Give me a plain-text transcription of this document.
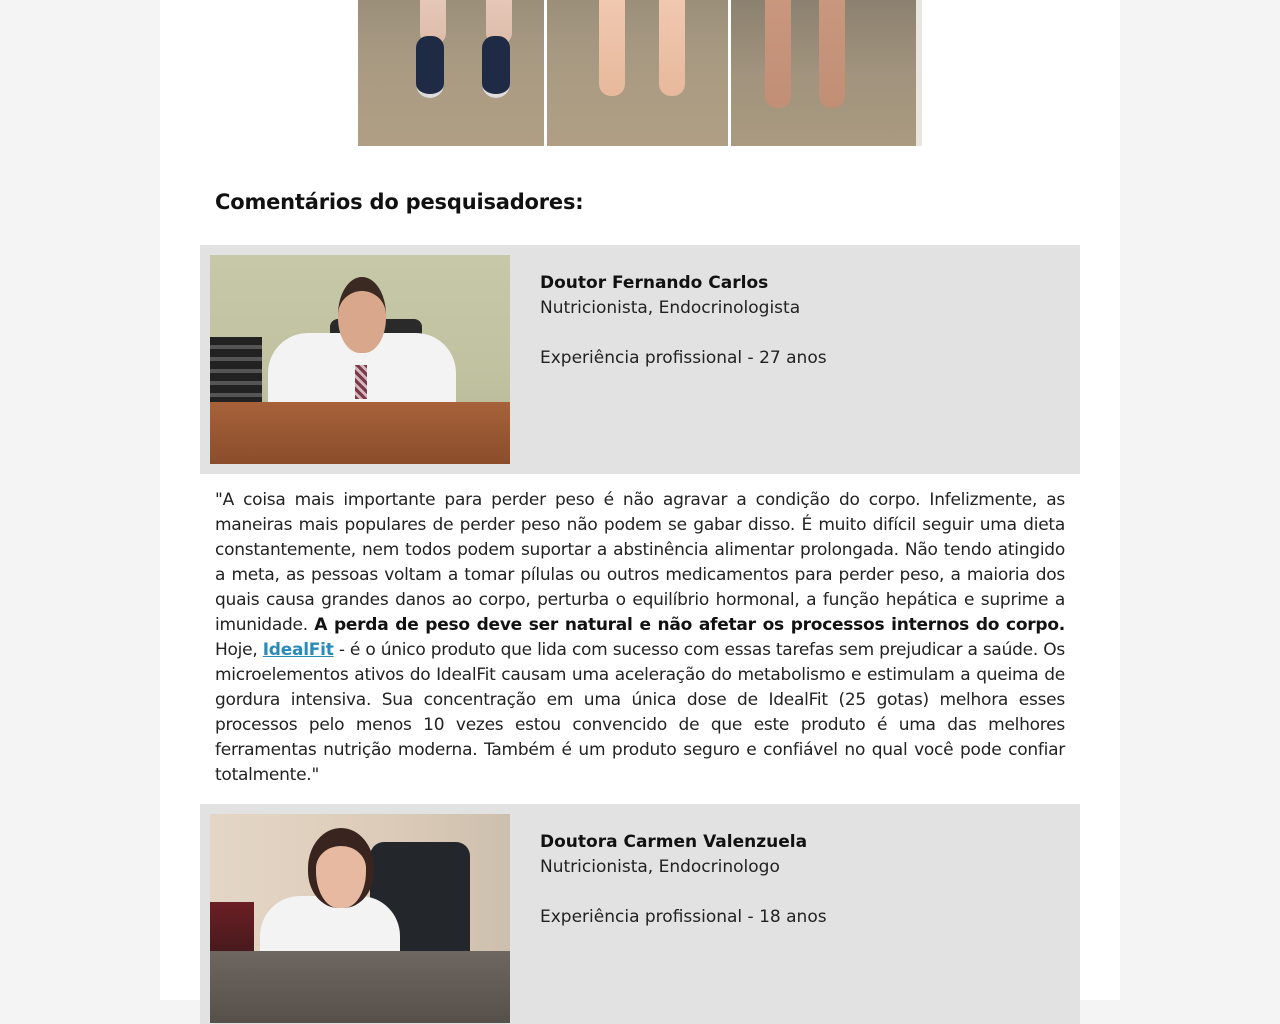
Comentários do pesquisadores:
Doutor Fernando Carlos
Nutricionista, Endocrinologista
Experiência profissional - 27 anos

"A coisa mais importante para perder peso é não agravar a condição do corpo. Infelizmente, as maneiras mais populares de perder peso não podem se gabar disso. É muito difícil seguir uma dieta constantemente, nem todos podem suportar a abstinência alimentar prolongada. Não tendo atingido a meta, as pessoas voltam a tomar pílulas ou outros medicamentos para perder peso, a maioria dos quais causa grandes danos ao corpo, perturba o equilíbrio hormonal, a função hepática e suprime a imunidade. A perda de peso deve ser natural e não afetar os processos internos do corpo. Hoje, IdealFit - é o único produto que lida com sucesso com essas tarefas sem prejudicar a saúde. Os microelementos ativos do IdealFit causam uma aceleração do metabolismo e estimulam a queima de gordura intensiva. Sua concentração em uma única dose de IdealFit (25 gotas) melhora esses processos pelo menos 10 vezes estou convencido de que este produto é uma das melhores ferramentas nutrição moderna. Também é um produto seguro e confiável no qual você pode confiar totalmente."

Doutora Carmen Valenzuela
Nutricionista, Endocrinologo
Experiência profissional - 18 anos
